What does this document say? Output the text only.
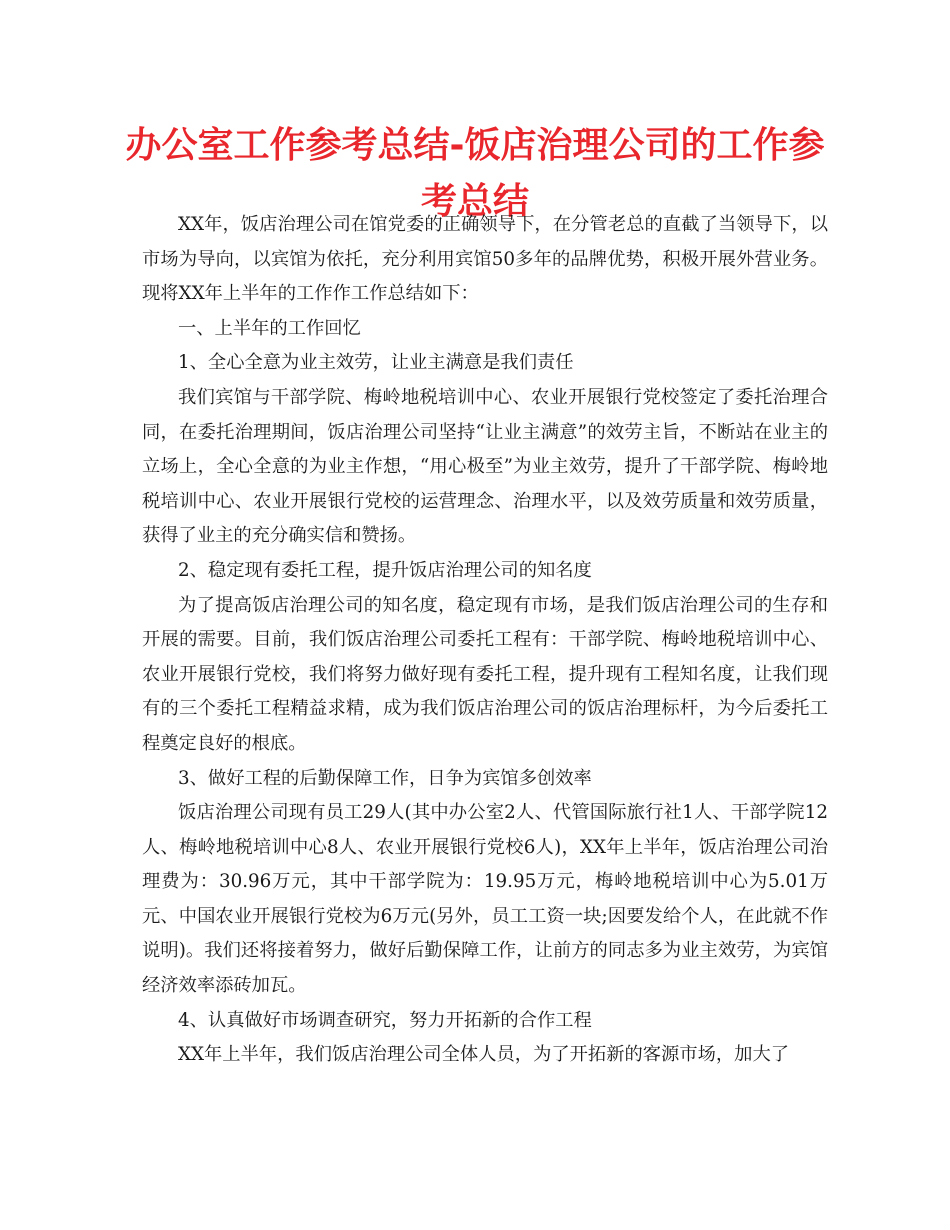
办公室工作参考总结-饭店治理公司的工作参考总结

XX年，饭店治理公司在馆党委的正确领导下，在分管老总的直截了当领导下，以市场为导向，以宾馆为依托，充分利用宾馆50多年的品牌优势，积极开展外营业务。现将XX年上半年的工作作工作总结如下：

一、上半年的工作回忆

1、全心全意为业主效劳，让业主满意是我们责任

我们宾馆与干部学院、梅岭地税培训中心、农业开展银行党校签定了委托治理合同，在委托治理期间，饭店治理公司坚持“让业主满意”的效劳主旨，不断站在业主的立场上，全心全意的为业主作想，“用心极至”为业主效劳，提升了干部学院、梅岭地税培训中心、农业开展银行党校的运营理念、治理水平，以及效劳质量和效劳质量，获得了业主的充分确实信和赞扬。

2、稳定现有委托工程，提升饭店治理公司的知名度

为了提高饭店治理公司的知名度，稳定现有市场，是我们饭店治理公司的生存和开展的需要。目前，我们饭店治理公司委托工程有：干部学院、梅岭地税培训中心、农业开展银行党校，我们将努力做好现有委托工程，提升现有工程知名度，让我们现有的三个委托工程精益求精，成为我们饭店治理公司的饭店治理标杆，为今后委托工程奠定良好的根底。

3、做好工程的后勤保障工作，日争为宾馆多创效率

饭店治理公司现有员工29人(其中办公室2人、代管国际旅行社1人、干部学院12人、梅岭地税培训中心8人、农业开展银行党校6人)，XX年上半年，饭店治理公司治理费为：30.96万元，其中干部学院为：19.95万元，梅岭地税培训中心为5.01万元、中国农业开展银行党校为6万元(另外，员工工资一块;因要发给个人，在此就不作说明)。我们还将接着努力，做好后勤保障工作，让前方的同志多为业主效劳，为宾馆经济效率添砖加瓦。

4、认真做好市场调查研究，努力开拓新的合作工程

XX年上半年，我们饭店治理公司全体人员，为了开拓新的客源市场，加大了
